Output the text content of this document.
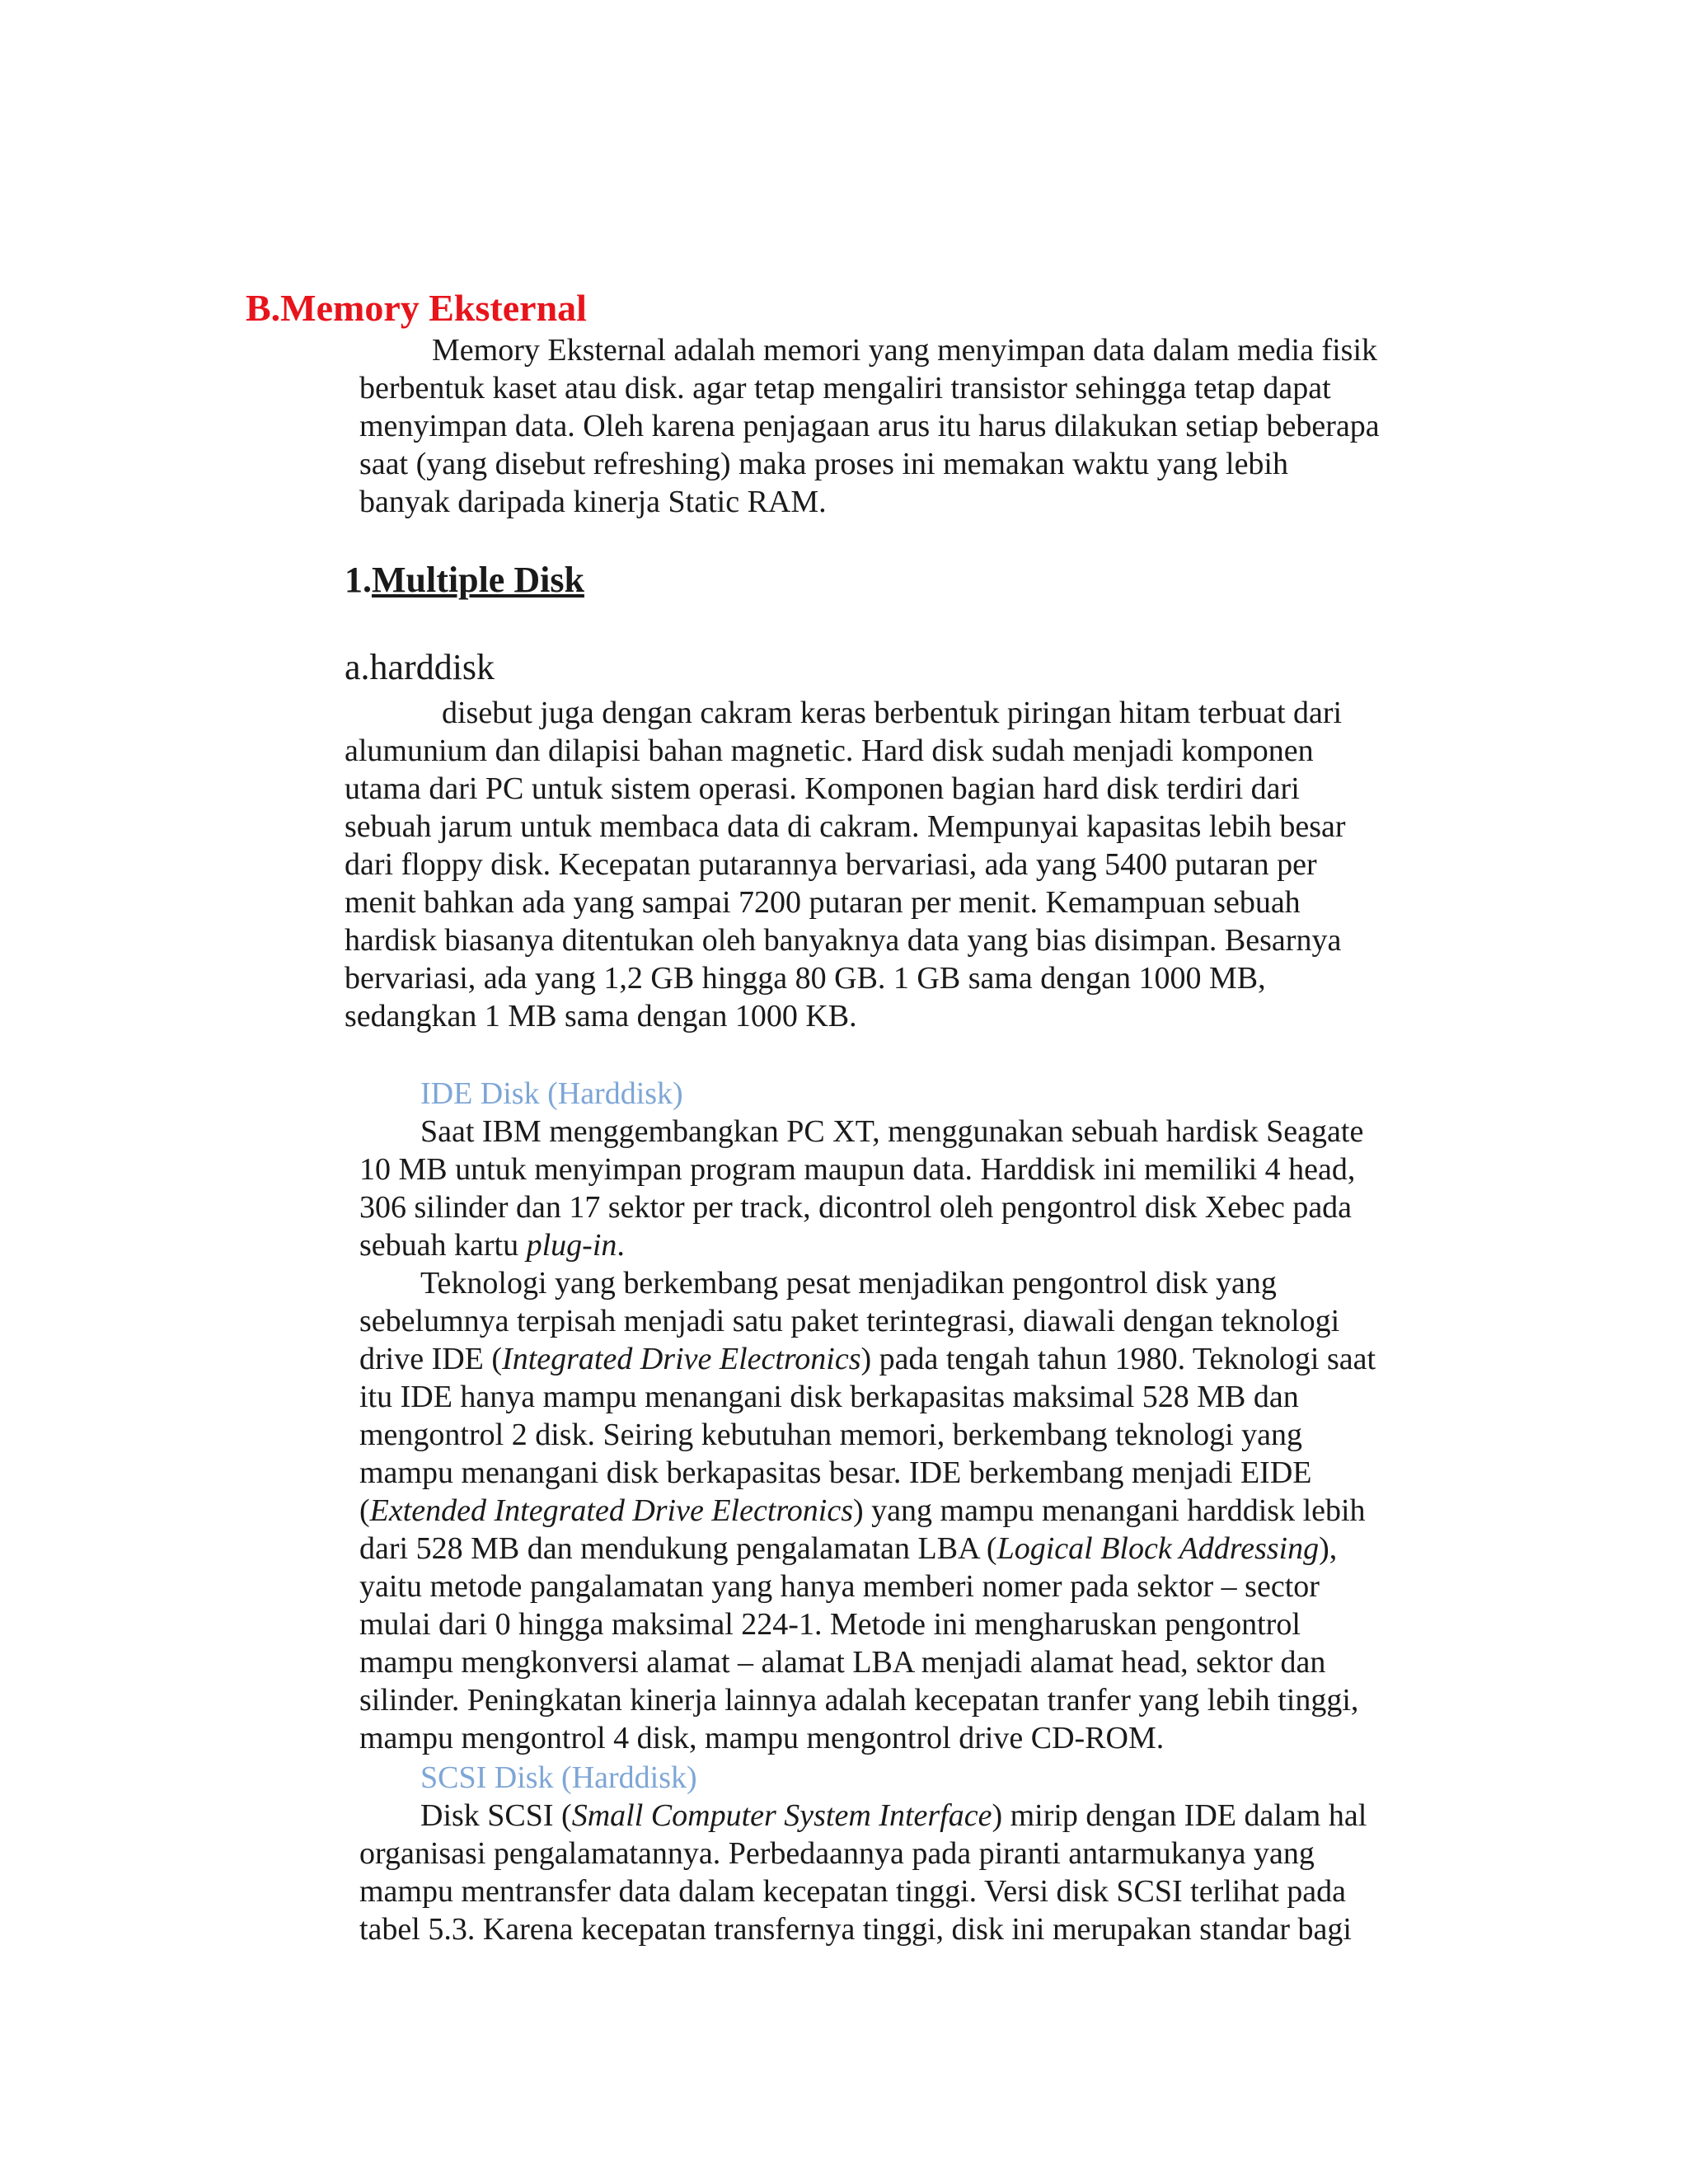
B.Memory Eksternal
Memory Eksternal adalah memori yang menyimpan data dalam media fisik
berbentuk kaset atau disk. agar tetap mengaliri transistor sehingga tetap dapat
menyimpan data. Oleh karena penjagaan arus itu harus dilakukan setiap beberapa
saat (yang disebut refreshing) maka proses ini memakan waktu yang lebih
banyak daripada kinerja Static RAM.
1.Multiple Disk
a.harddisk
disebut juga dengan cakram keras berbentuk piringan hitam terbuat dari
alumunium dan dilapisi bahan magnetic. Hard disk sudah menjadi komponen
utama dari PC untuk sistem operasi. Komponen bagian hard disk terdiri dari
sebuah jarum untuk membaca data di cakram. Mempunyai kapasitas lebih besar
dari floppy disk. Kecepatan putarannya bervariasi, ada yang 5400 putaran per
menit bahkan ada yang sampai 7200 putaran per menit. Kemampuan sebuah
hardisk biasanya ditentukan oleh banyaknya data yang bias disimpan. Besarnya
bervariasi, ada yang 1,2 GB hingga 80 GB. 1 GB sama dengan 1000 MB,
sedangkan 1 MB sama dengan 1000 KB.
IDE Disk (Harddisk)
Saat IBM menggembangkan PC XT, menggunakan sebuah hardisk Seagate
10 MB untuk menyimpan program maupun data. Harddisk ini memiliki 4 head,
306 silinder dan 17 sektor per track, dicontrol oleh pengontrol disk Xebec pada
sebuah kartu plug-in.
Teknologi yang berkembang pesat menjadikan pengontrol disk yang
sebelumnya terpisah menjadi satu paket terintegrasi, diawali dengan teknologi
drive IDE (Integrated Drive Electronics) pada tengah tahun 1980. Teknologi saat
itu IDE hanya mampu menangani disk berkapasitas maksimal 528 MB dan
mengontrol 2 disk. Seiring kebutuhan memori, berkembang teknologi yang
mampu menangani disk berkapasitas besar. IDE berkembang menjadi EIDE
(Extended Integrated Drive Electronics) yang mampu menangani harddisk lebih
dari 528 MB dan mendukung pengalamatan LBA (Logical Block Addressing),
yaitu metode pangalamatan yang hanya memberi nomer pada sektor – sector
mulai dari 0 hingga maksimal 224-1. Metode ini mengharuskan pengontrol
mampu mengkonversi alamat – alamat LBA menjadi alamat head, sektor dan
silinder. Peningkatan kinerja lainnya adalah kecepatan tranfer yang lebih tinggi,
mampu mengontrol 4 disk, mampu mengontrol drive CD-ROM.
SCSI Disk (Harddisk)
Disk SCSI (Small Computer System Interface) mirip dengan IDE dalam hal
organisasi pengalamatannya. Perbedaannya pada piranti antarmukanya yang
mampu mentransfer data dalam kecepatan tinggi. Versi disk SCSI terlihat pada
tabel 5.3. Karena kecepatan transfernya tinggi, disk ini merupakan standar bagi
